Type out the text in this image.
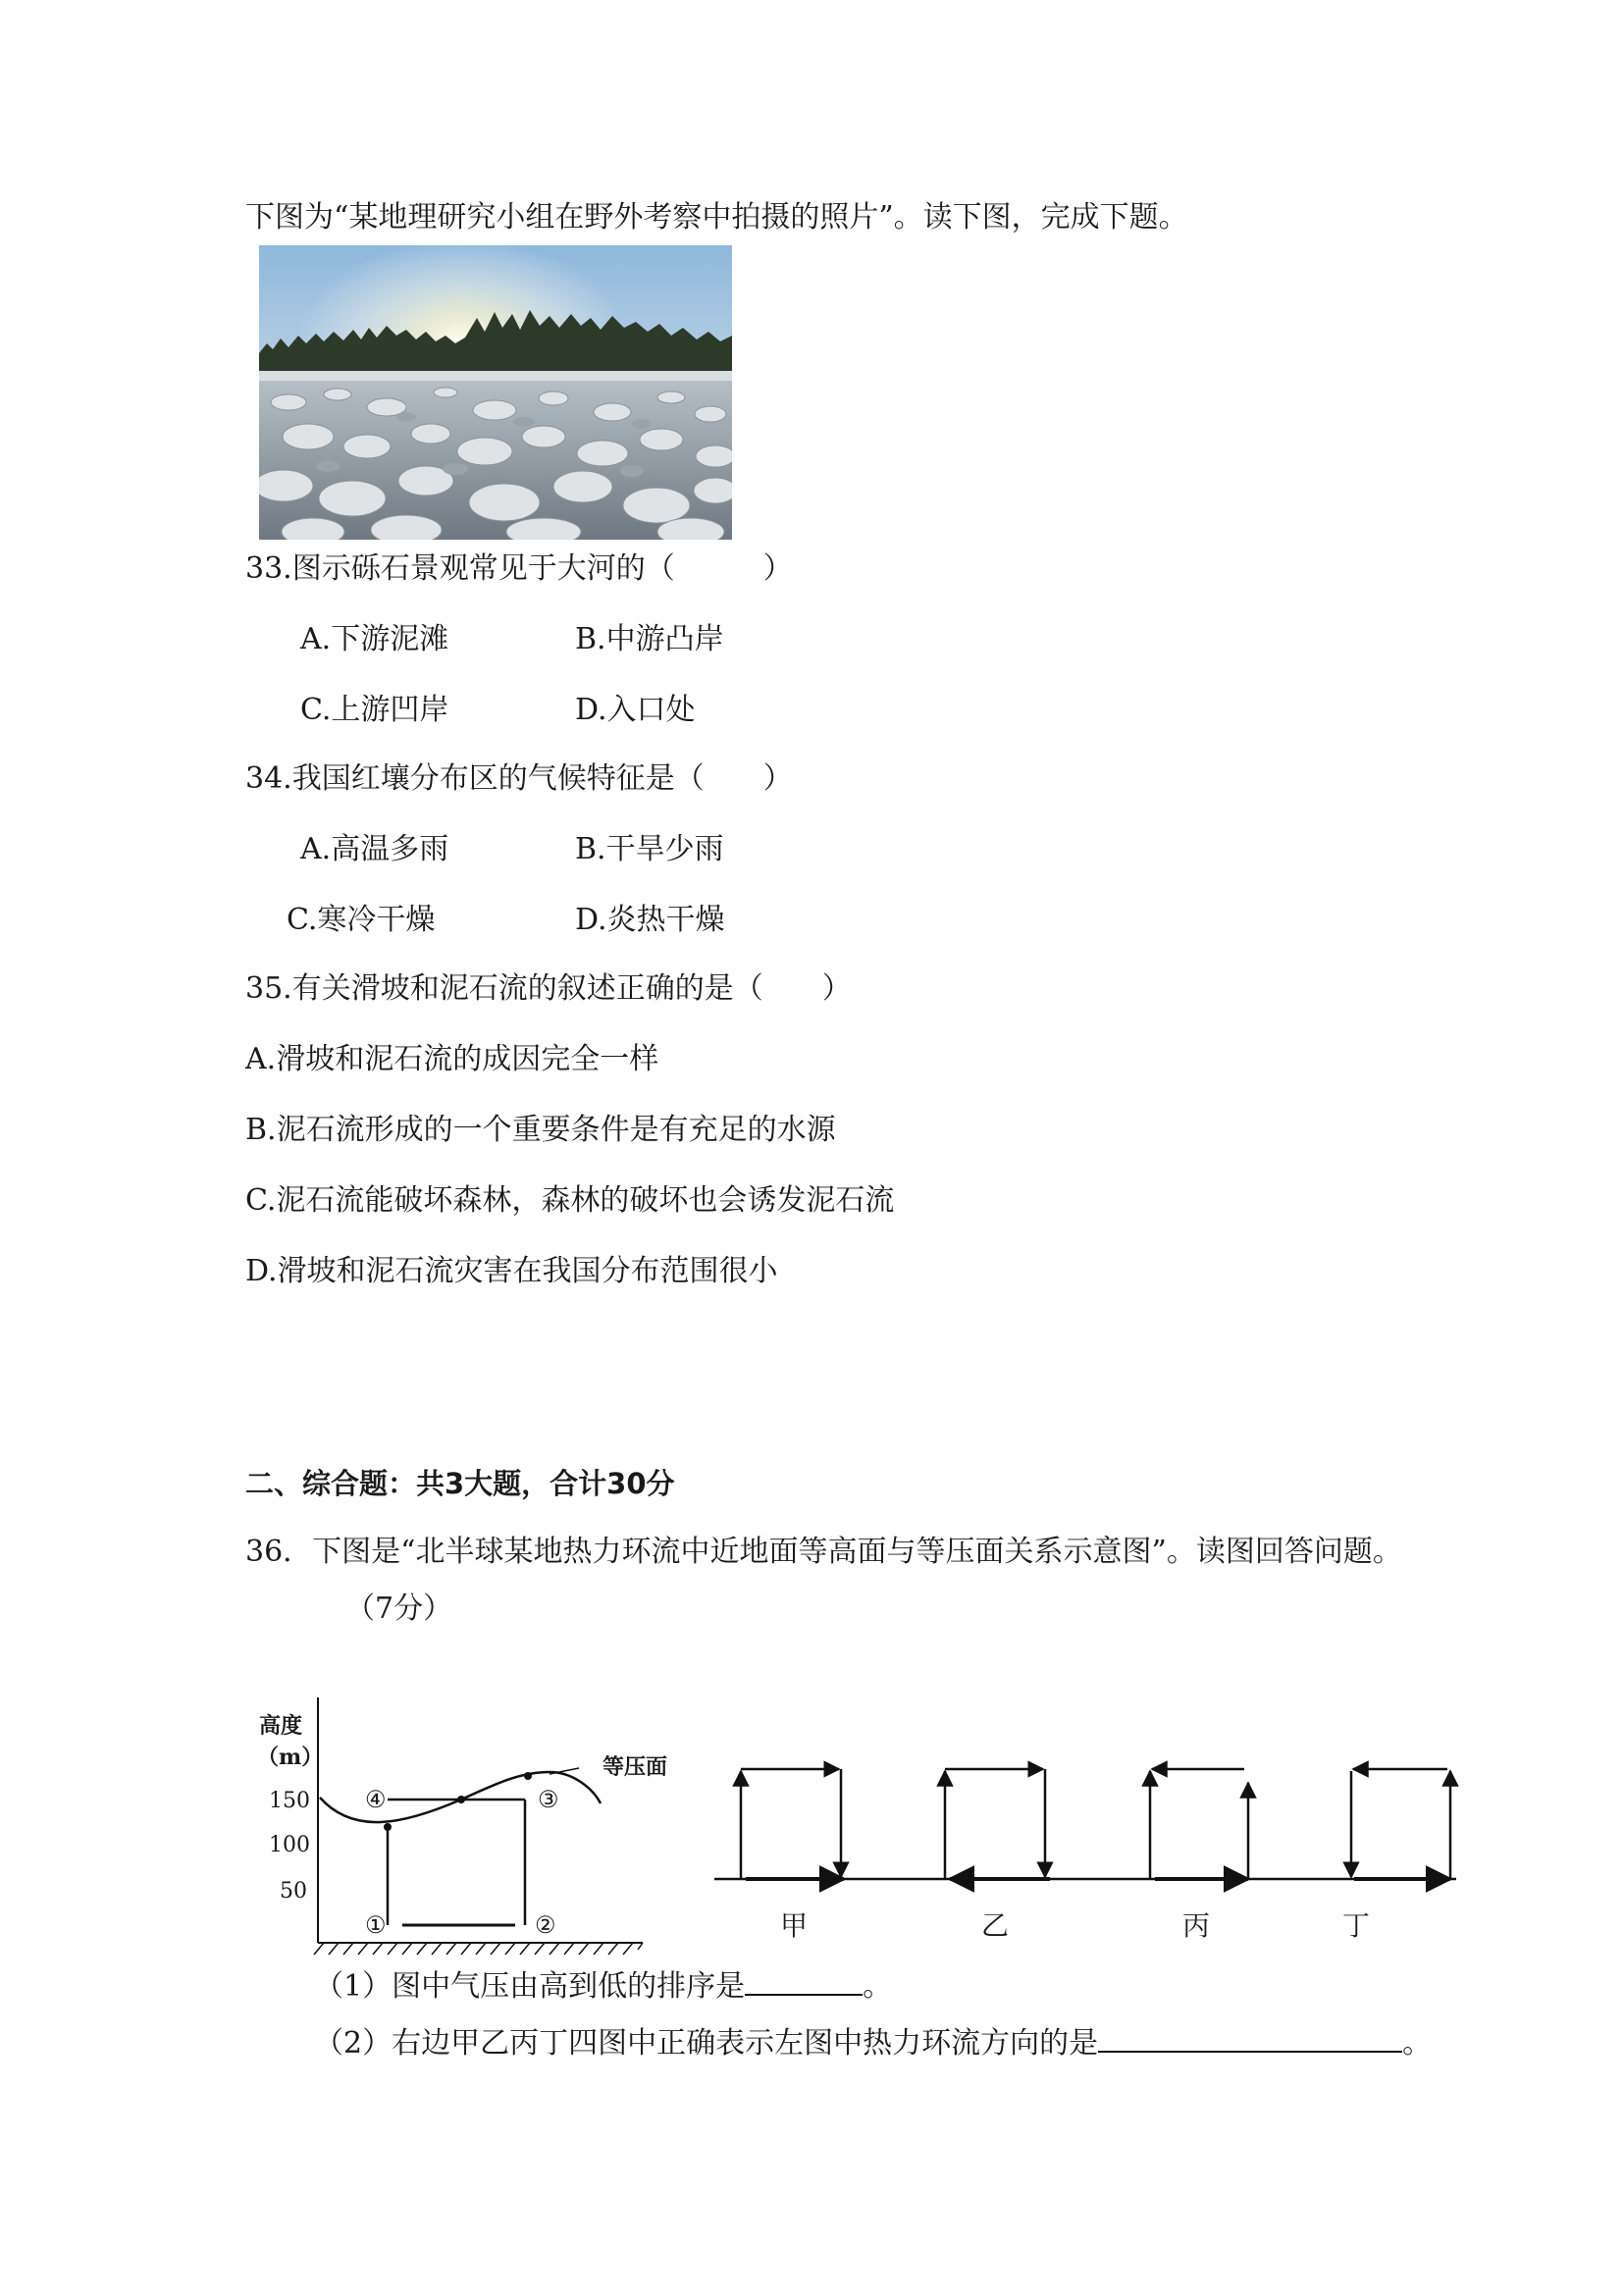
下图为“某地理研究小组在野外考察中拍摄的照片”。读下图，完成下题。
33.图示砾石景观常见于大河的（　　　）
A.下游泥滩	B.中游凸岸
C.上游凹岸	D.入口处
34.我国红壤分布区的气候特征是（　　）
A.高温多雨	B.干旱少雨
C.寒冷干燥	D.炎热干燥
35.有关滑坡和泥石流的叙述正确的是（　　）
A.滑坡和泥石流的成因完全一样
B.泥石流形成的一个重要条件是有充足的水源
C.泥石流能破坏森林，森林的破坏也会诱发泥石流
D.滑坡和泥石流灾害在我国分布范围很小
二、综合题：共3大题，合计30分
36．下图是“北半球某地热力环流中近地面等高面与等压面关系示意图”。读图回答问题。
（7分）
高度
（m）
150
100
50
等压面
④	③
①	②	甲	乙	丙	丁
（1）图中气压由高到低的排序是	。
（2）右边甲乙丙丁四图中正确表示左图中热力环流方向的是	。
